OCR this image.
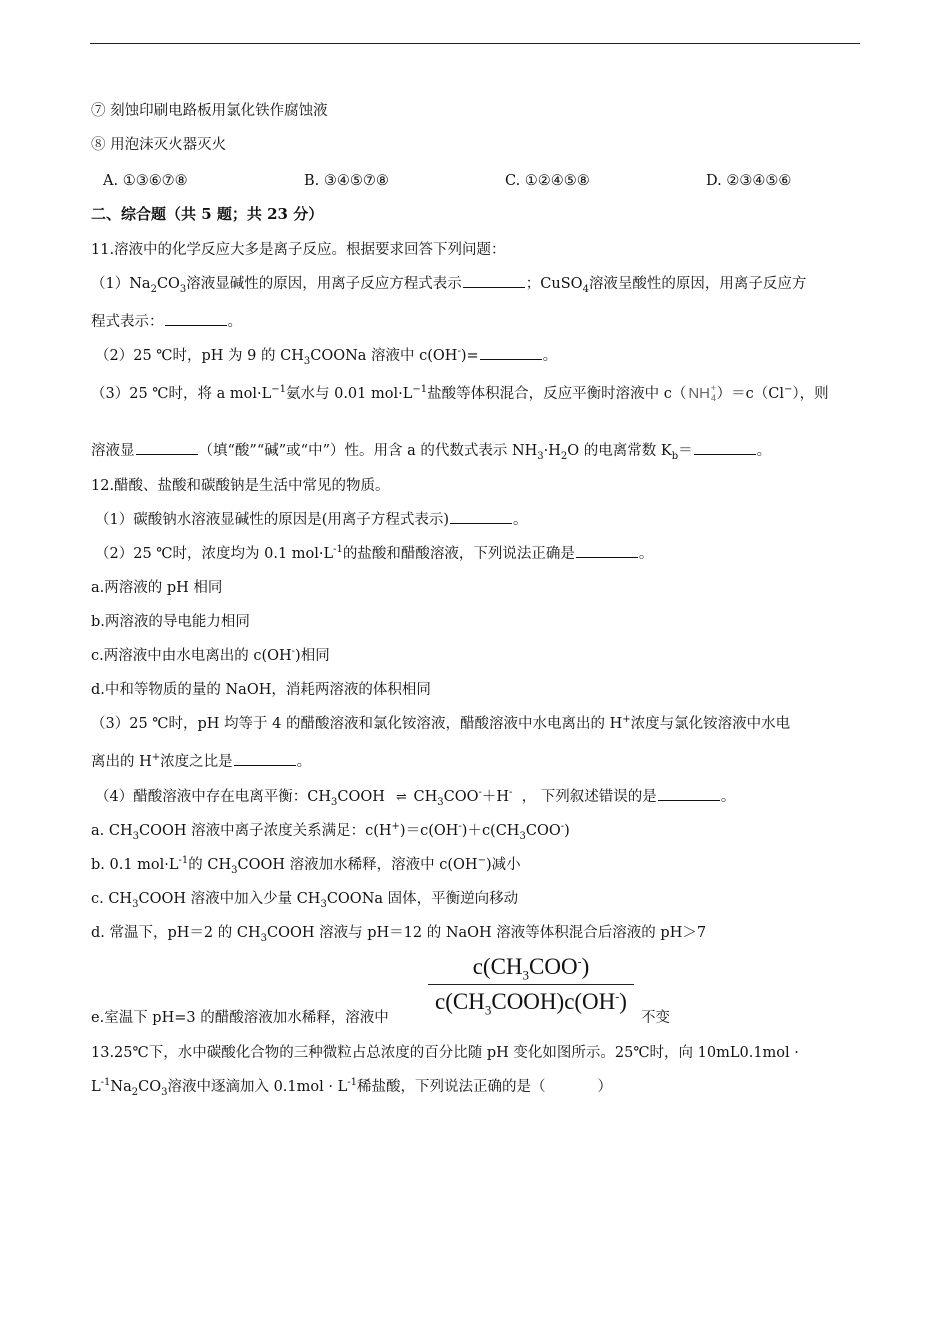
⑦ 刻蚀印刷电路板用氯化铁作腐蚀液
⑧ 用泡沫灭火器灭火
A. ①③⑥⑦⑧	B. ③④⑤⑦⑧	C. ①②④⑤⑧	D. ②③④⑤⑥
二、综合题（共 5 题；共 23 分）
11.溶液中的化学反应大多是离子反应。根据要求回答下列问题：
$(1)Na_2CO_3$溶液显碱性的原因，用离子反应方程式表示	；CuSO$_4$溶液呈酸性的原因，用离子反应方
程式表示：	。
（2）25 ℃时，pH 为 9 的 $CH_3COONa$ 溶液中 c(OH-)=	。
（3）25 ℃时，将 a $mol\cdot L^{-1}$氨水与 0.01 $mol\cdot L^{-1}$盐酸等体积混合，反应平衡时溶液中 c（ NH +
4 ）＝c（Cl−），则
溶液显	（填“酸”“碱”或“中”）性。用含 a 的代数式表示 $NH_3\cdot H_2O$ 的电离常数 $K_b=$	。
12.醋酸、盐酸和碳酸钠是生活中常见的物质。
（1）碳酸钠水溶液显碱性的原因是(用离子方程式表示)	。
（2）25 ℃时，浓度均为 0.1 $mol\cdot L^{-1}$的盐酸和醋酸溶液，下列说法正确是	。
a.两溶液的 pH 相同
b.两溶液的导电能力相同
c.两溶液中由水电离出的 c(OH-)相同
d.中和等物质的量的 NaOH，消耗两溶液的体积相同
（3）25 ℃时，pH 均等于 4 的醋酸溶液和氯化铵溶液，醋酸溶液中水电离出的 H+浓度与氯化铵溶液中水电
离出的 H+浓度之比是	。
（4）醋酸溶液中存在电离平衡：$CH_3COOH$ ⇌ $CH_3COO^-+H^-$ ， 下列叙述错误的是	。
a. $CH_3COOH$ 溶液中离子浓度关系满足：$c(H^+)=c(OH^-)+c(CH_3COO^-)$
b. 0.1 $mol\cdot L^{-1}$的 $CH_3COOH$ 溶液加水稀释，溶液中 c(OH−)减小
c. $CH_3COOH$ 溶液中加入少量 $CH_3COONa$ 固体，平衡逆向移动
d. 常温下，pH＝2 的 $CH_3COOH$ 溶液与 pH＝12 的 NaOH 溶液等体积混合后溶液的 pH＞7
$c(CH_3COO^-)$
$c(CH_3COOH)c(OH^-)$
e.室温下 pH=3 的醋酸溶液加水稀释，溶液中	不变
13.25℃下，水中碳酸化合物的三种微粒占总浓度的百分比随 pH 变化如图所示。25℃时，向 10mL0.1mol ·
$L^{-1}Na_2CO_3$溶液中逐滴加入 $0.1mol \cdot L^{-1}$稀盐酸，下列说法正确的是（	）
